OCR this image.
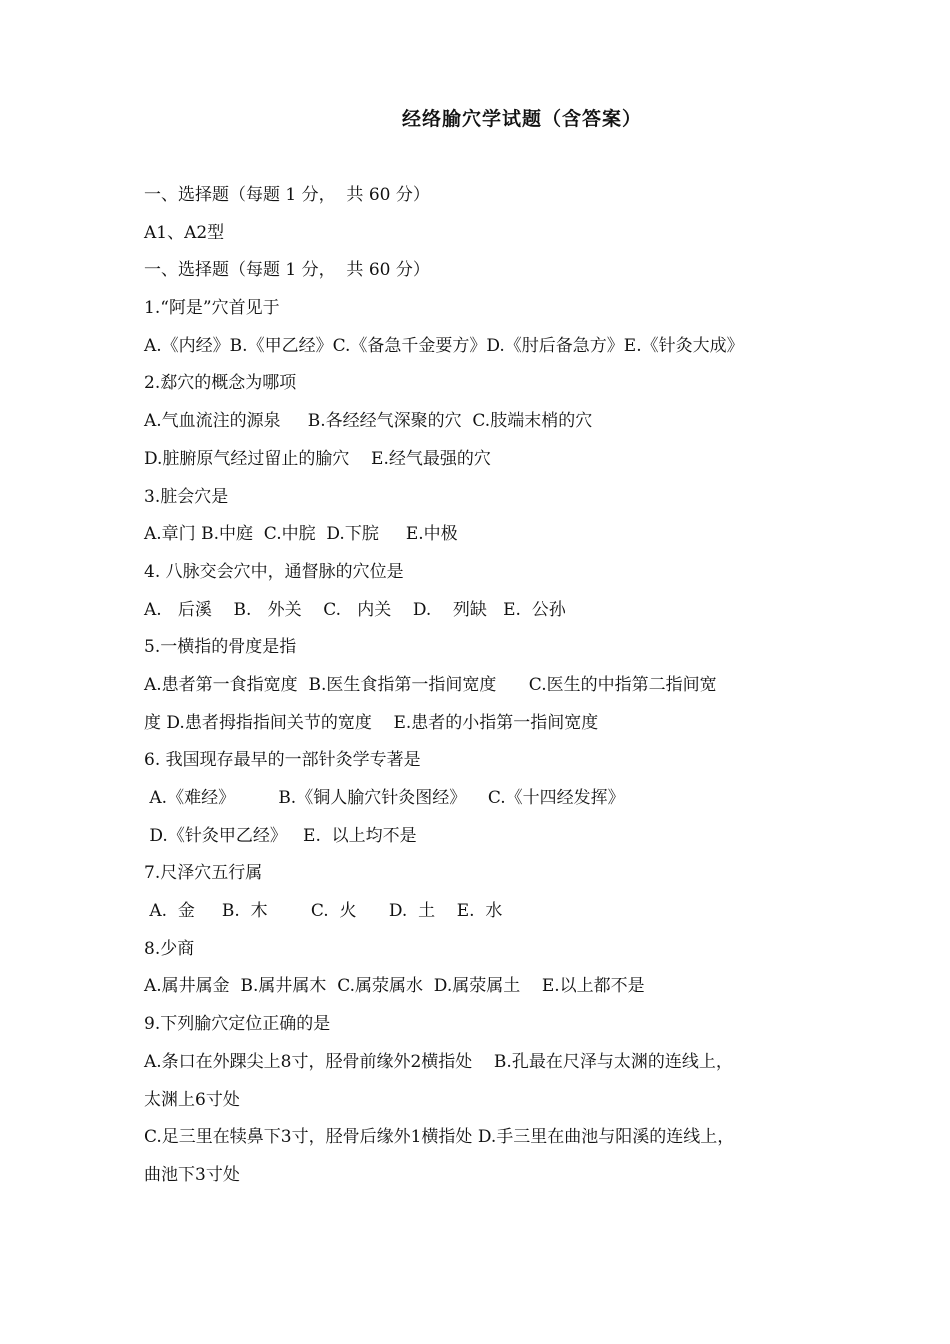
经络腧穴学试题（含答案）
一、选择题（每题 1 分，  共 60 分）
A1、A2型
一、选择题（每题 1 分，  共 60 分）
1.“阿是”穴首见于
A.《内经》B.《甲乙经》C.《备急千金要方》D.《肘后备急方》E.《针灸大成》
2.郄穴的概念为哪项
A.气血流注的源泉     B.各经经气深聚的穴  C.肢端末梢的穴
D.脏腑原气经过留止的腧穴    E.经气最强的穴
3.脏会穴是
A.章门 B.中庭  C.中脘  D.下脘     E.中极
4. 八脉交会穴中，通督脉的穴位是
A.   后溪    B.   外关    C.   内关    D.    列缺   E.  公孙
5.一横指的骨度是指
A.患者第一食指宽度  B.医生食指第一指间宽度      C.医生的中指第二指间宽
度 D.患者拇指指间关节的宽度    E.患者的小指第一指间宽度
6. 我国现存最早的一部针灸学专著是
A.《难经》        B.《铜人腧穴针灸图经》    C.《十四经发挥》
D.《针灸甲乙经》   E.  以上均不是
7.尺泽穴五行属
A.  金     B.  木        C.  火      D.  土    E.  水
8.少商
A.属井属金  B.属井属木  C.属荥属水  D.属荥属土    E.以上都不是
9.下列腧穴定位正确的是
A.条口在外踝尖上8寸，胫骨前缘外2横指处    B.孔最在尺泽与太渊的连线上，
太渊上6寸处
C.足三里在犊鼻下3寸，胫骨后缘外1横指处 D.手三里在曲池与阳溪的连线上，
曲池下3寸处
